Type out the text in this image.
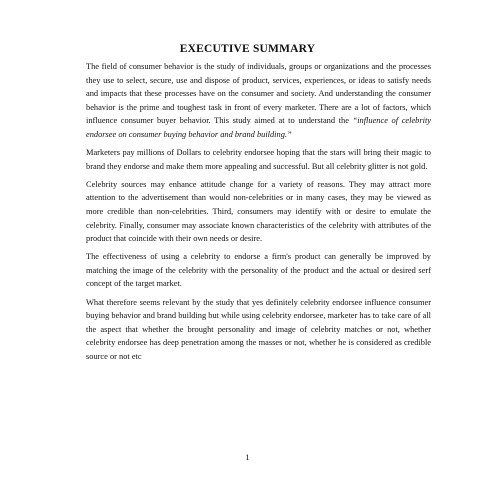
EXECUTIVE SUMMARY

The field of consumer behavior is the study of individuals, groups or organizations and the processes they use to select, secure, use and dispose of product, services, experiences, or ideas to satisfy needs and impacts that these processes have on the consumer and society. And understanding the consumer behavior is the prime and toughest task in front of every marketer. There are a lot of factors, which influence consumer buyer behavior. This study aimed at to understand the “influence of celebrity endorsee on consumer buying behavior and brand building.”

Marketers pay millions of Dollars to celebrity endorsee hoping that the stars will bring their magic to brand they endorse and make them more appealing and successful. But all celebrity glitter is not gold.

Celebrity sources may enhance attitude change for a variety of reasons. They may attract more attention to the advertisement than would non-celebrities or in many cases, they may be viewed as more credible than non-celebrities. Third, consumers may identify with or desire to emulate the celebrity. Finally, consumer may associate known characteristics of the celebrity with attributes of the product that coincide with their own needs or desire.

The effectiveness of using a celebrity to endorse a firm's product can generally be improved by matching the image of the celebrity with the personality of the product and the actual or desired serf concept of the target market.

What therefore seems relevant by the study that yes definitely celebrity endorsee influence consumer buying behavior and brand building but while using celebrity endorsee, marketer has to take care of all the aspect that whether the brought personality and image of celebrity matches or not, whether celebrity endorsee has deep penetration among the masses or not, whether he is considered as credible source or not etc

1
